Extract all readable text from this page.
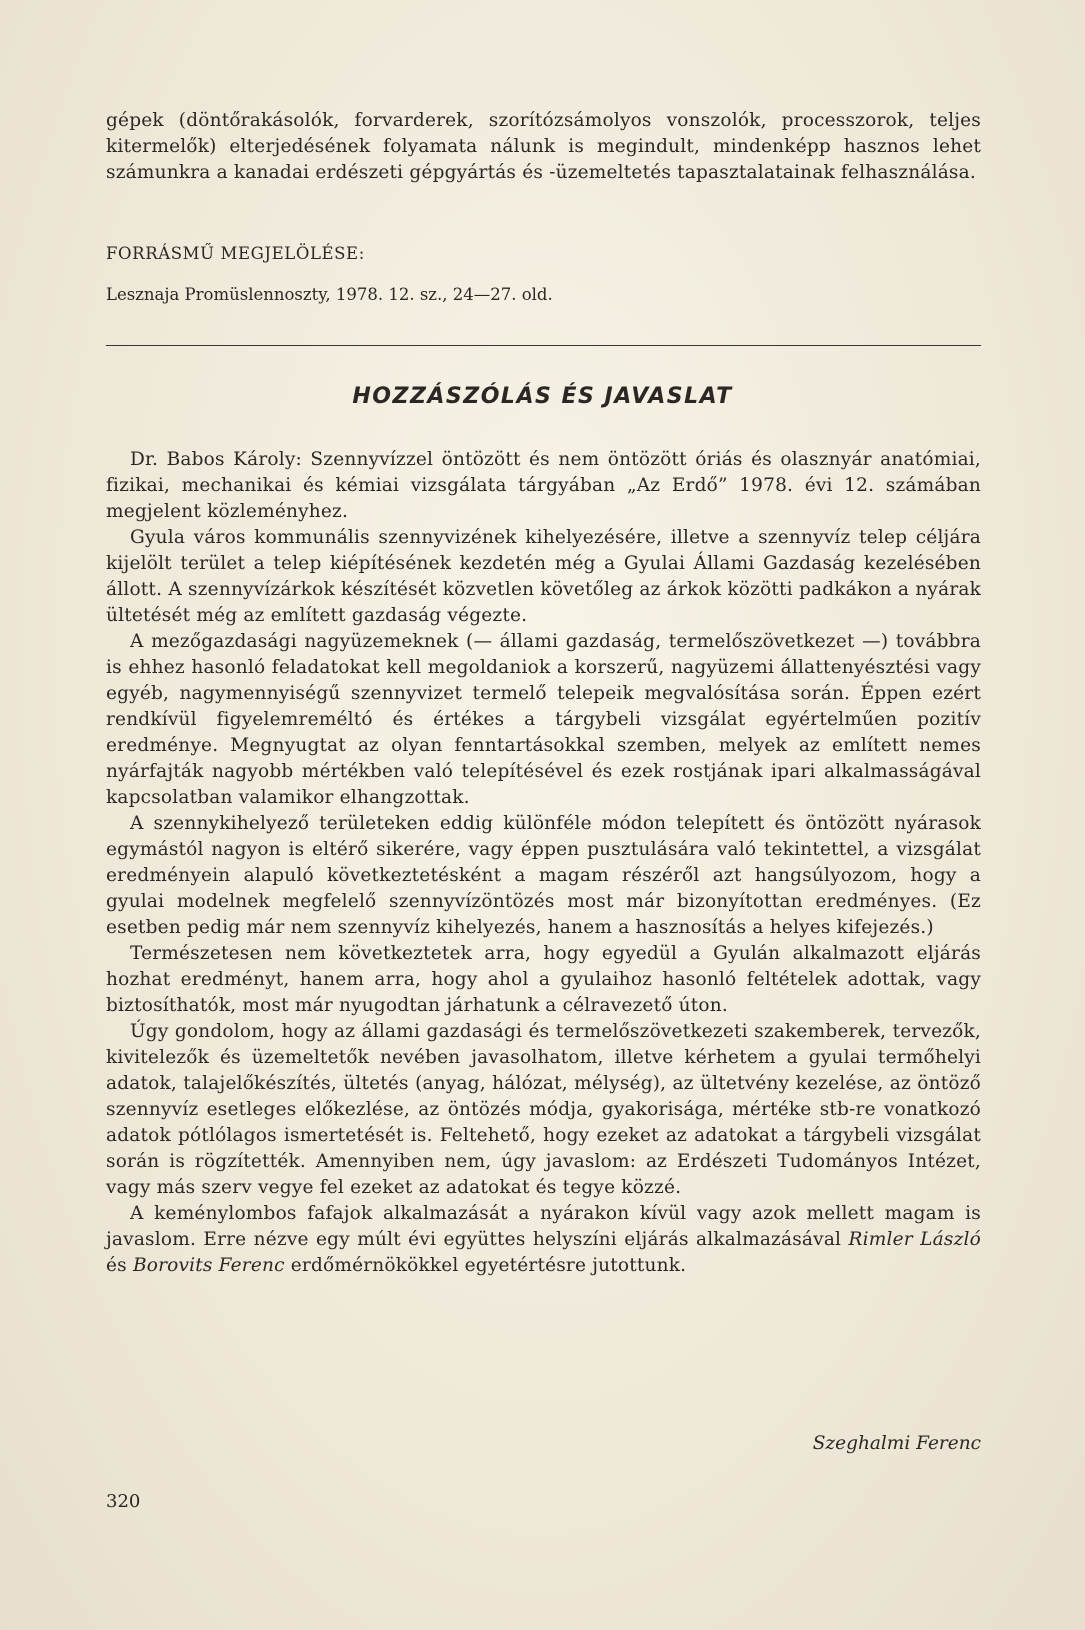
gépek (döntőrakásolók, forvarderek, szorítózsámolyos vonszolók, processzorok, teljes kitermelők) elterjedésének folyamata nálunk is megindult, mindenképp hasznos lehet számunkra a kanadai erdészeti gépgyártás és -üzemeltetés tapasztalatainak felhasználása.

FORRÁSMŰ MEGJELÖLÉSE:

Lesznaja Promüslennoszty, 1978. 12. sz., 24—27. old.

HOZZÁSZÓLÁS ÉS JAVASLAT

Dr. Babos Károly: Szennyvízzel öntözött és nem öntözött óriás és olasznyár anatómiai, fizikai, mechanikai és kémiai vizsgálata tárgyában „Az Erdő” 1978. évi 12. számában megjelent közleményhez.

Gyula város kommunális szennyvizének kihelyezésére, illetve a szennyvíz telep céljára kijelölt terület a telep kiépítésének kezdetén még a Gyulai Állami Gazdaság kezelésében állott. A szennyvízárkok készítését közvetlen követőleg az árkok közötti padkákon a nyárak ültetését még az említett gazdaság végezte.

A mezőgazdasági nagyüzemeknek (— állami gazdaság, termelőszövetkezet —) továbbra is ehhez hasonló feladatokat kell megoldaniok a korszerű, nagyüzemi állattenyésztési vagy egyéb, nagymennyiségű szennyvizet termelő telepeik megvalósítása során. Éppen ezért rendkívül figyelemreméltó és értékes a tárgybeli vizsgálat egyértelműen pozitív eredménye. Megnyugtat az olyan fenntartásokkal szemben, melyek az említett nemes nyárfajták nagyobb mértékben való telepítésével és ezek rostjának ipari alkalmasságával kapcsolatban valamikor elhangzottak.

A szennykihelyező területeken eddig különféle módon telepített és öntözött nyárasok egymástól nagyon is eltérő sikerére, vagy éppen pusztulására való tekintettel, a vizsgálat eredményein alapuló következtetésként a magam részéről azt hangsúlyozom, hogy a gyulai modelnek megfelelő szennyvízöntözés most már bizonyítottan eredményes. (Ez esetben pedig már nem szennyvíz kihelyezés, hanem a hasznosítás a helyes kifejezés.)

Természetesen nem következtetek arra, hogy egyedül a Gyulán alkalmazott eljárás hozhat eredményt, hanem arra, hogy ahol a gyulaihoz hasonló feltételek adottak, vagy biztosíthatók, most már nyugodtan járhatunk a célravezető úton.

Úgy gondolom, hogy az állami gazdasági és termelőszövetkezeti szakemberek, tervezők, kivitelezők és üzemeltetők nevében javasolhatom, illetve kérhetem a gyulai termőhelyi adatok, talajelőkészítés, ültetés (anyag, hálózat, mélység), az ültetvény kezelése, az öntöző szennyvíz esetleges előkezlése, az öntözés módja, gyakorisága, mértéke stb-re vonatkozó adatok pótlólagos ismertetését is. Feltehető, hogy ezeket az adatokat a tárgybeli vizsgálat során is rögzítették. Amennyiben nem, úgy javaslom: az Erdészeti Tudományos Intézet, vagy más szerv vegye fel ezeket az adatokat és tegye közzé.

A keménylombos fafajok alkalmazását a nyárakon kívül vagy azok mellett magam is javaslom. Erre nézve egy múlt évi együttes helyszíni eljárás alkalmazásával Rimler László és Borovits Ferenc erdőmérnökökkel egyetértésre jutottunk.

Szeghalmi Ferenc

320
